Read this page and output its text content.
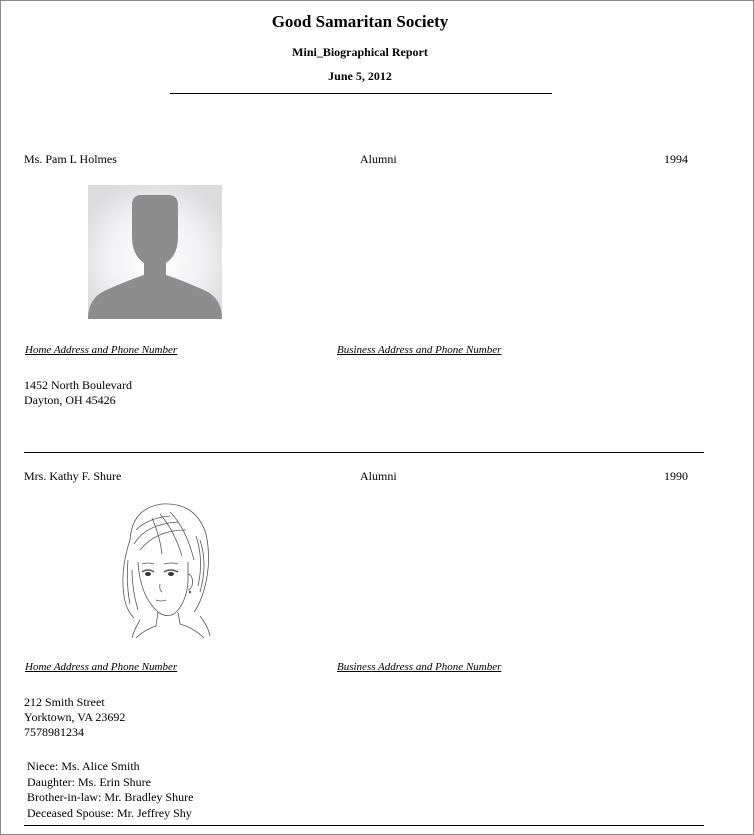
Good Samaritan Society
Mini_Biographical Report
June 5, 2012
Ms. Pam L Holmes	Alumni	1994
Home Address and Phone Number	Business Address and Phone Number
1452 North Boulevard
Dayton, OH 45426
Mrs. Kathy F. Shure	Alumni	1990
Home Address and Phone Number	Business Address and Phone Number
212 Smith Street
Yorktown, VA 23692
7578981234
Niece: Ms. Alice Smith
Daughter: Ms. Erin Shure
Brother-in-law: Mr. Bradley Shure
Deceased Spouse: Mr. Jeffrey Shy
